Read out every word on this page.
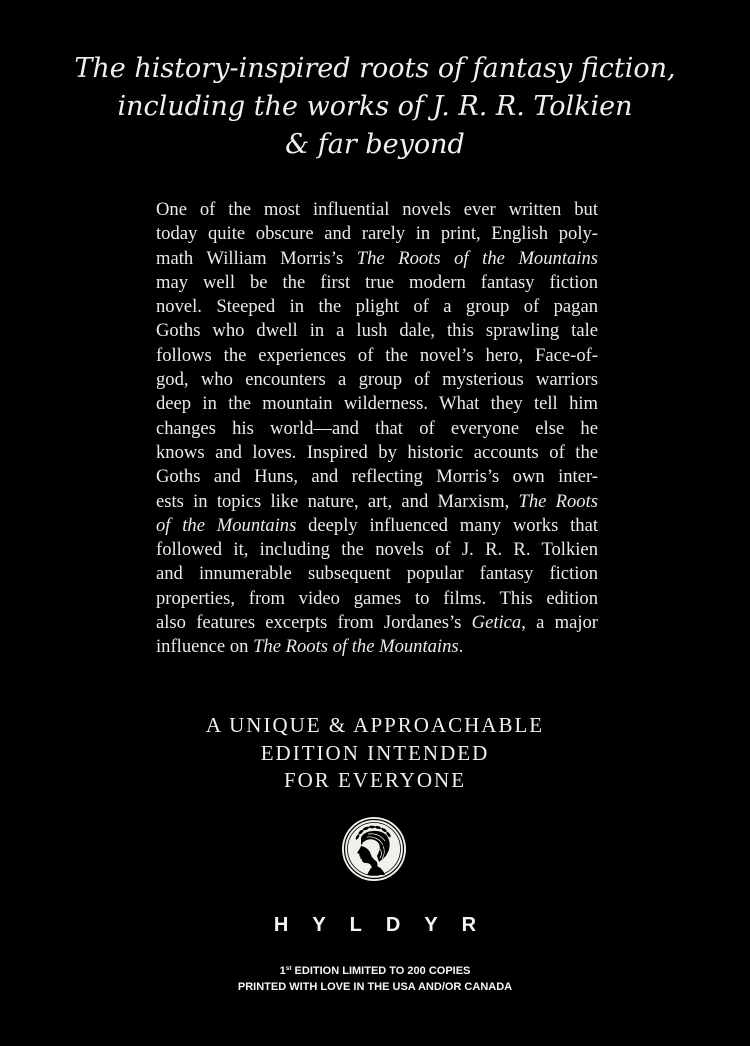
The history-inspired roots of fantasy fiction,
including the works of J. R. R. Tolkien
& far beyond
One of the most influential novels ever written but
today quite obscure and rarely in print, English poly-
math William Morris’s The Roots of the Mountains
may well be the first true modern fantasy fiction
novel. Steeped in the plight of a group of pagan
Goths who dwell in a lush dale, this sprawling tale
follows the experiences of the novel’s hero, Face-of-
god, who encounters a group of mysterious warriors
deep in the mountain wilderness. What they tell him
changes his world—and that of everyone else he
knows and loves. Inspired by historic accounts of the
Goths and Huns, and reflecting Morris’s own inter-
ests in topics like nature, art, and Marxism, The Roots
of the Mountains deeply influenced many works that
followed it, including the novels of J. R. R. Tolkien
and innumerable subsequent popular fantasy fiction
properties, from video games to films. This edition
also features excerpts from Jordanes’s Getica, a major
influence on The Roots of the Mountains.
A UNIQUE & APPROACHABLE
EDITION INTENDED
FOR EVERYONE
HYLDYR
1st EDITION LIMITED TO 200 COPIES
PRINTED WITH LOVE IN THE USA AND/OR CANADA
